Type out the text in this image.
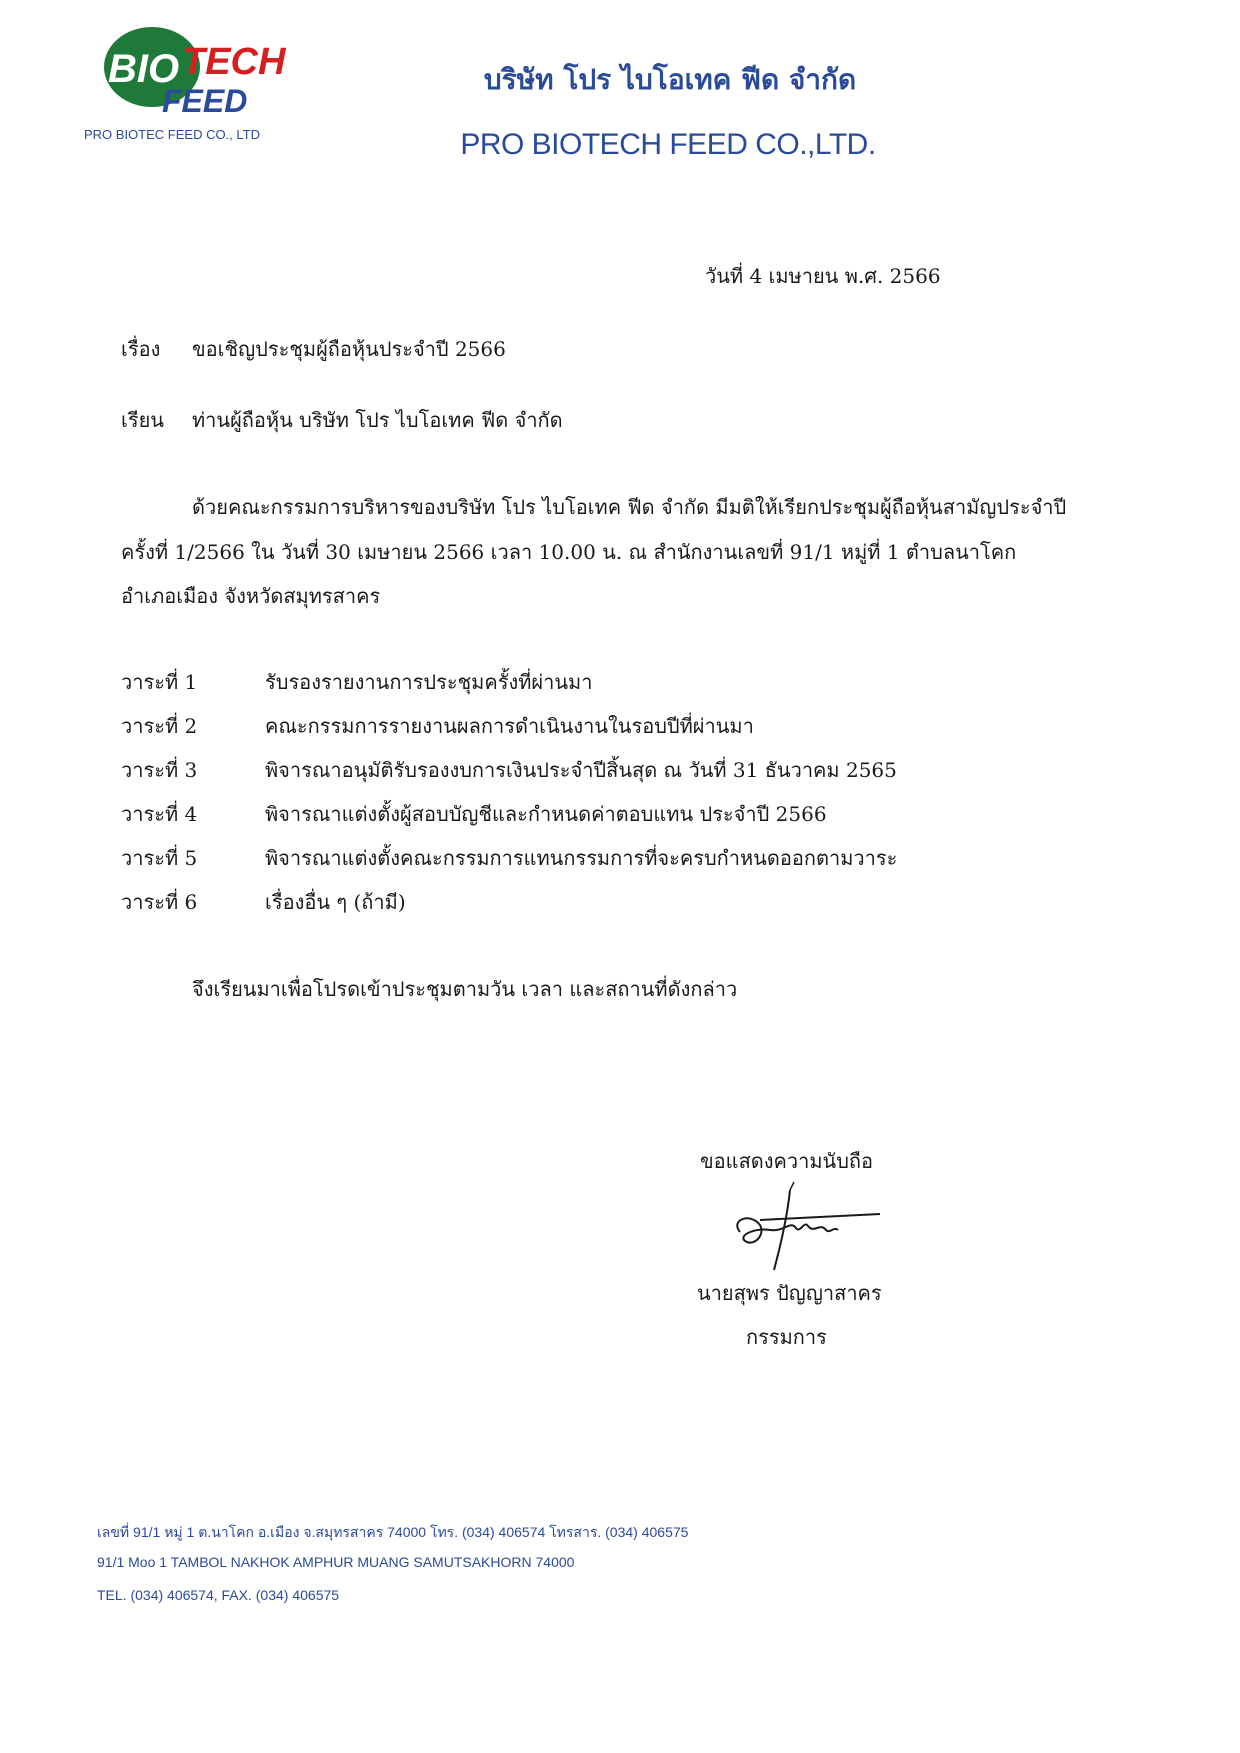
BIO TECH
FEED
PRO BIOTEC FEED CO., LTD
บริษัท โปร ไบโอเทค ฟีด จำกัด
PRO BIOTECH FEED CO.,LTD.
วันที่ 4 เมษายน พ.ศ. 2566
เรื่อง ขอเชิญประชุมผู้ถือหุ้นประจำปี 2566
เรียน ท่านผู้ถือหุ้น บริษัท โปร ไบโอเทค ฟีด จำกัด
ด้วยคณะกรรมการบริหารของบริษัท โปร ไบโอเทค ฟีด จำกัด มีมติให้เรียกประชุมผู้ถือหุ้นสามัญประจำปี
ครั้งที่ 1/2566 ใน วันที่ 30 เมษายน 2566 เวลา 10.00 น. ณ สำนักงานเลขที่ 91/1 หมู่ที่ 1 ตำบลนาโคก
อำเภอเมือง จังหวัดสมุทรสาคร
วาระที่ 1	รับรองรายงานการประชุมครั้งที่ผ่านมา
วาระที่ 2	คณะกรรมการรายงานผลการดำเนินงานในรอบปีที่ผ่านมา
วาระที่ 3	พิจารณาอนุมัติรับรองงบการเงินประจำปีสิ้นสุด ณ วันที่ 31 ธันวาคม 2565
วาระที่ 4	พิจารณาแต่งตั้งผู้สอบบัญชีและกำหนดค่าตอบแทน ประจำปี 2566
วาระที่ 5	พิจารณาแต่งตั้งคณะกรรมการแทนกรรมการที่จะครบกำหนดออกตามวาระ
วาระที่ 6	เรื่องอื่น ๆ (ถ้ามี)
จึงเรียนมาเพื่อโปรดเข้าประชุมตามวัน เวลา และสถานที่ดังกล่าว
ขอแสดงความนับถือ
นายสุพร ปัญญาสาคร
กรรมการ
เลขที่ 91/1 หมู่ 1 ต.นาโคก อ.เมือง จ.สมุทรสาคร 74000 โทร. (034) 406574 โทรสาร. (034) 406575
91/1 Moo 1 TAMBOL NAKHOK AMPHUR MUANG SAMUTSAKHORN 74000
TEL. (034) 406574, FAX. (034) 406575
